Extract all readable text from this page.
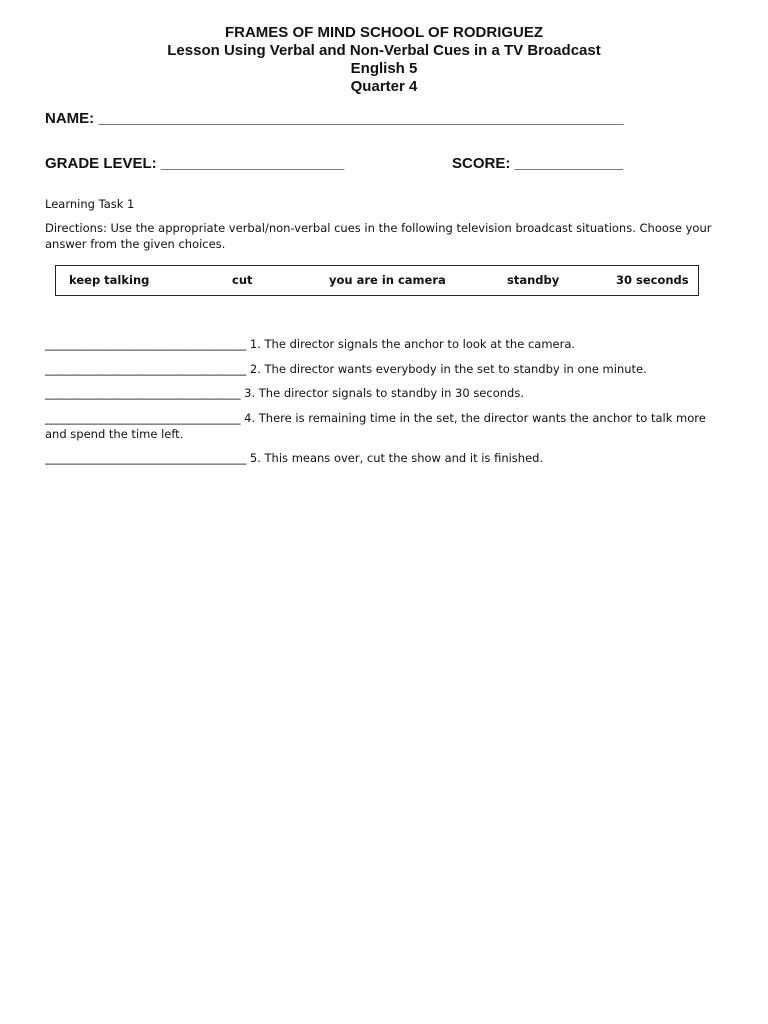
FRAMES OF MIND SCHOOL OF RODRIGUEZ
Lesson Using Verbal and Non-Verbal Cues in a TV Broadcast
English 5
Quarter 4
NAME: _______________________________________________________________
GRADE LEVEL: ______________________	SCORE: _____________
Learning Task 1
Directions: Use the appropriate verbal/non-verbal cues in the following television broadcast situations. Choose your answer from the given choices.
keep talking	cut	you are in camera	standby	30 seconds
___________________________________ 1. The director signals the anchor to look at the camera.
___________________________________ 2. The director wants everybody in the set to standby in one minute.
__________________________________ 3. The director signals to standby in 30 seconds.
__________________________________ 4. There is remaining time in the set, the director wants the anchor to talk more and spend the time left.
___________________________________ 5. This means over, cut the show and it is finished.
